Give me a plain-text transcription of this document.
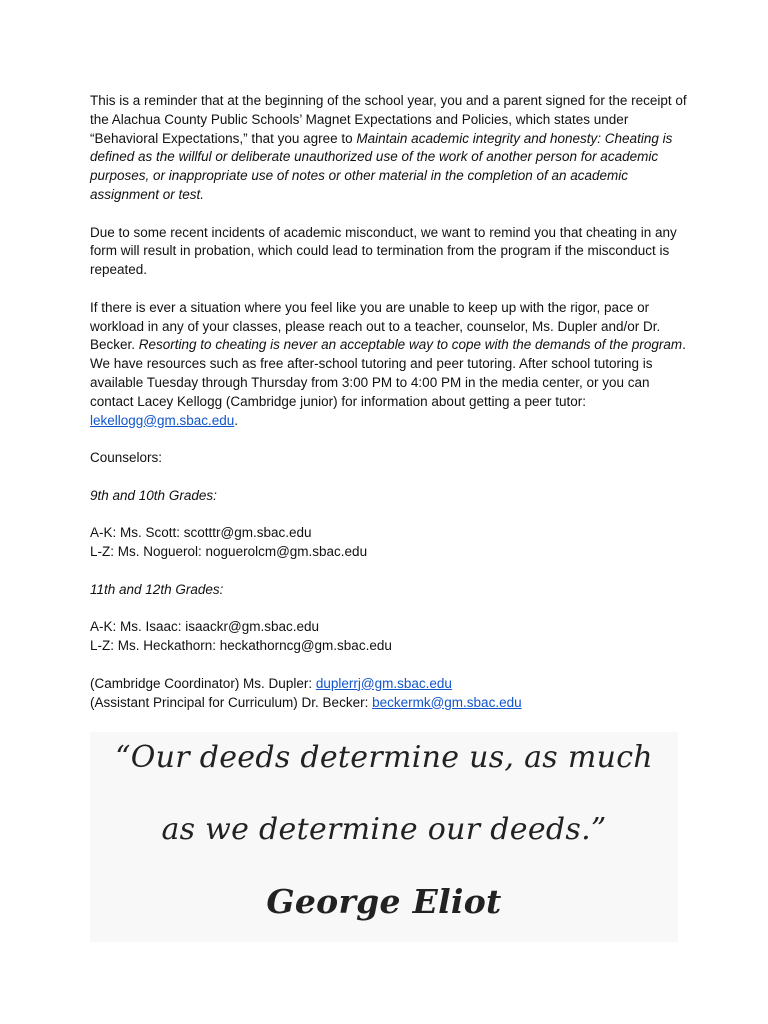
This is a reminder that at the beginning of the school year, you and a parent signed for the receipt of the Alachua County Public Schools’ Magnet Expectations and Policies, which states under “Behavioral Expectations,” that you agree to Maintain academic integrity and honesty: Cheating is defined as the willful or deliberate unauthorized use of the work of another person for academic purposes, or inappropriate use of notes or other material in the completion of an academic assignment or test.

Due to some recent incidents of academic misconduct, we want to remind you that cheating in any form will result in probation, which could lead to termination from the program if the misconduct is repeated.

If there is ever a situation where you feel like you are unable to keep up with the rigor, pace or workload in any of your classes, please reach out to a teacher, counselor, Ms. Dupler and/or Dr. Becker. Resorting to cheating is never an acceptable way to cope with the demands of the program. We have resources such as free after-school tutoring and peer tutoring. After school tutoring is available Tuesday through Thursday from 3:00 PM to 4:00 PM in the media center, or you can contact Lacey Kellogg (Cambridge junior) for information about getting a peer tutor: lekellogg@gm.sbac.edu.

Counselors:

9th and 10th Grades:

A-K: Ms. Scott: scotttr@gm.sbac.edu

L-Z: Ms. Noguerol: noguerolcm@gm.sbac.edu

11th and 12th Grades:

A-K: Ms. Isaac: isaackr@gm.sbac.edu

L-Z: Ms. Heckathorn: heckathorncg@gm.sbac.edu

(Cambridge Coordinator) Ms. Dupler: duplerrj@gm.sbac.edu

(Assistant Principal for Curriculum) Dr. Becker: beckermk@gm.sbac.edu

“Our deeds determine us, as much
as we determine our deeds.”
George Eliot
